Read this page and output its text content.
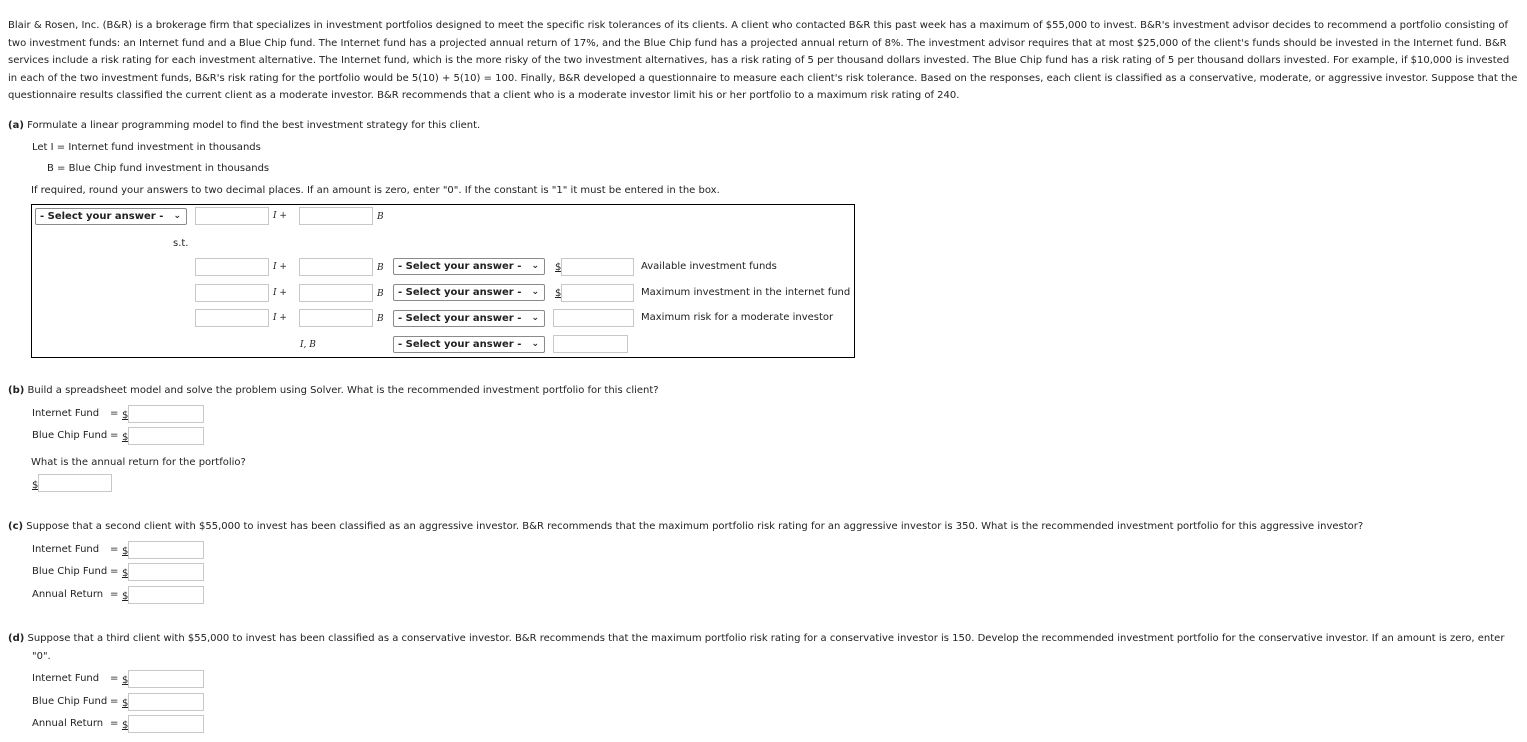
Blair & Rosen, Inc. (B&R) is a brokerage firm that specializes in investment portfolios designed to meet the specific risk tolerances of its clients. A client who contacted B&R this past week has a maximum of $55,000 to invest. B&R's investment advisor decides to recommend a portfolio consisting of two investment funds: an Internet fund and a Blue Chip fund. The Internet fund has a projected annual return of 17%, and the Blue Chip fund has a projected annual return of 8%. The investment advisor requires that at most $25,000 of the client's funds should be invested in the Internet fund. B&R services include a risk rating for each investment alternative. The Internet fund, which is the more risky of the two investment alternatives, has a risk rating of 5 per thousand dollars invested. The Blue Chip fund has a risk rating of 5 per thousand dollars invested. For example, if $10,000 is invested in each of the two investment funds, B&R's risk rating for the portfolio would be 5(10) + 5(10) = 100. Finally, B&R developed a questionnaire to measure each client's risk tolerance. Based on the responses, each client is classified as a conservative, moderate, or aggressive investor. Suppose that the questionnaire results classified the current client as a moderate investor. B&R recommends that a client who is a moderate investor limit his or her portfolio to a maximum risk rating of 240.
(a) Formulate a linear programming model to find the best investment strategy for this client.
Let I = Internet fund investment in thousands
B = Blue Chip fund investment in thousands
If required, round your answers to two decimal places. If an amount is zero, enter "0". If the constant is "1" it must be entered in the box.
- Select your answer - ⌄	I +	B
s.t.
I +	B	- Select your answer - ⌄ $	Available investment funds
I +	B	- Select your answer - ⌄ $	Maximum investment in the internet fund
I +	B	- Select your answer - ⌄	Maximum risk for a moderate investor
I, B	- Select your answer - ⌄
(b) Build a spreadsheet model and solve the problem using Solver. What is the recommended investment portfolio for this client?
Internet Fund = $
Blue Chip Fund = $
What is the annual return for the portfolio?
$
(c) Suppose that a second client with $55,000 to invest has been classified as an aggressive investor. B&R recommends that the maximum portfolio risk rating for an aggressive investor is 350. What is the recommended investment portfolio for this aggressive investor?
Internet Fund = $
Blue Chip Fund = $
Annual Return = $
(d) Suppose that a third client with $55,000 to invest has been classified as a conservative investor. B&R recommends that the maximum portfolio risk rating for a conservative investor is 150. Develop the recommended investment portfolio for the conservative investor. If an amount is zero, enter
"0".
Internet Fund = $
Blue Chip Fund = $
Annual Return = $
